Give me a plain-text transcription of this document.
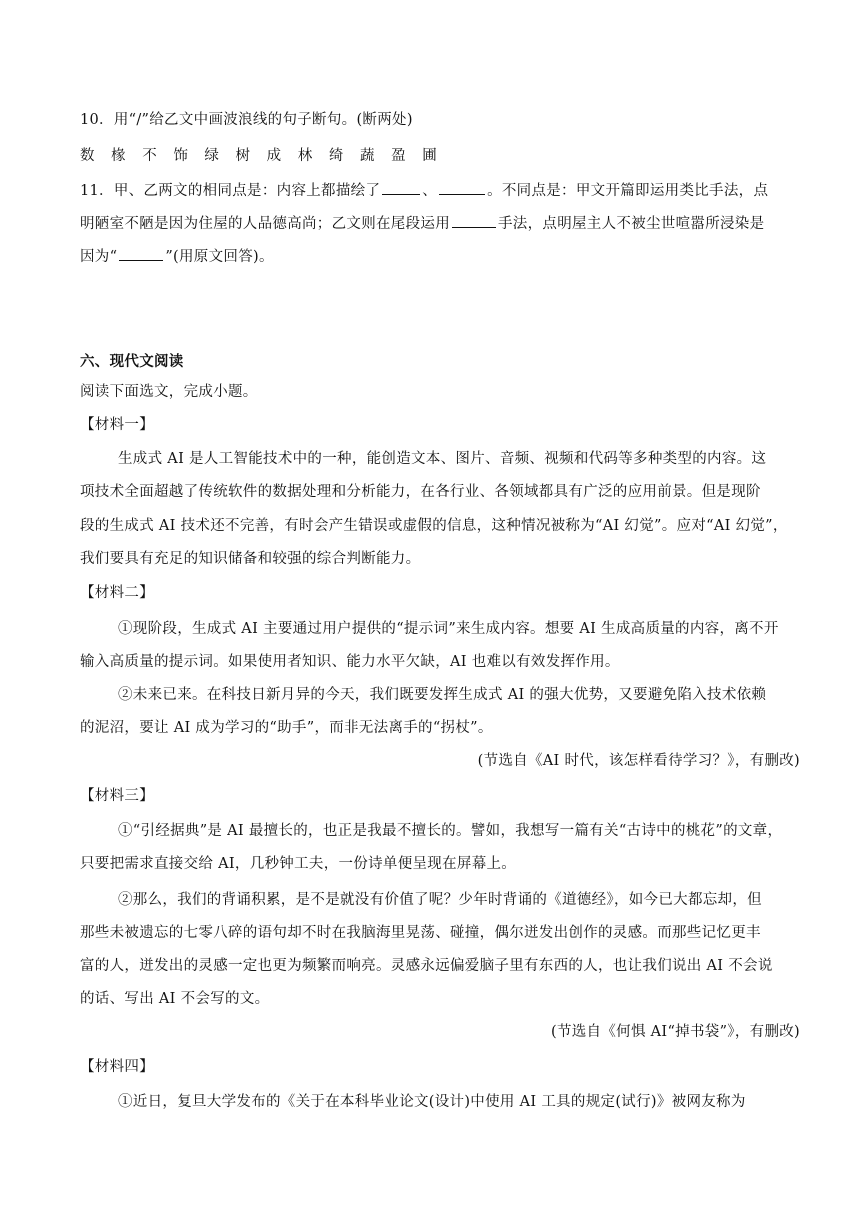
10．用“/”给乙文中画波浪线的句子断句。(断两处)
数 椽 不 饰 绿 树 成 林 绮 蔬 盈 圃
11．甲、乙两文的相同点是：内容上都描绘了	、	。不同点是：甲文开篇即运用类比手法，点
明陋室不陋是因为住屋的人品德高尚；乙文则在尾段运用	手法，点明屋主人不被尘世喧嚣所浸染是
因为“	”(用原文回答)。
六、现代文阅读
阅读下面选文，完成小题。
【材料一】
生成式 AI 是人工智能技术中的一种，能创造文本、图片、音频、视频和代码等多种类型的内容。这
项技术全面超越了传统软件的数据处理和分析能力，在各行业、各领域都具有广泛的应用前景。但是现阶
段的生成式 AI 技术还不完善，有时会产生错误或虚假的信息，这种情况被称为“AI 幻觉”。应对“AI 幻觉”，
我们要具有充足的知识储备和较强的综合判断能力。
【材料二】
①现阶段，生成式 AI 主要通过用户提供的“提示词”来生成内容。想要 AI 生成高质量的内容，离不开
输入高质量的提示词。如果使用者知识、能力水平欠缺，AI 也难以有效发挥作用。
②未来已来。在科技日新月异的今天，我们既要发挥生成式 AI 的强大优势，又要避免陷入技术依赖
的泥沼，要让 AI 成为学习的“助手”，而非无法离手的“拐杖”。
(节选自《AI 时代，该怎样看待学习？》，有删改)
【材料三】
①“引经据典”是 AI 最擅长的，也正是我最不擅长的。譬如，我想写一篇有关“古诗中的桃花”的文章，
只要把需求直接交给 AI，几秒钟工夫，一份诗单便呈现在屏幕上。
②那么，我们的背诵积累，是不是就没有价值了呢？少年时背诵的《道德经》，如今已大都忘却，但
那些未被遗忘的七零八碎的语句却不时在我脑海里晃荡、碰撞，偶尔迸发出创作的灵感。而那些记忆更丰
富的人，迸发出的灵感一定也更为频繁而响亮。灵感永远偏爱脑子里有东西的人，也让我们说出 AI 不会说
的话、写出 AI 不会写的文。
(节选自《何惧 AI“掉书袋”》，有删改)
【材料四】
①近日，复旦大学发布的《关于在本科毕业论文(设计)中使用 AI 工具的规定(试行)》被网友称为
